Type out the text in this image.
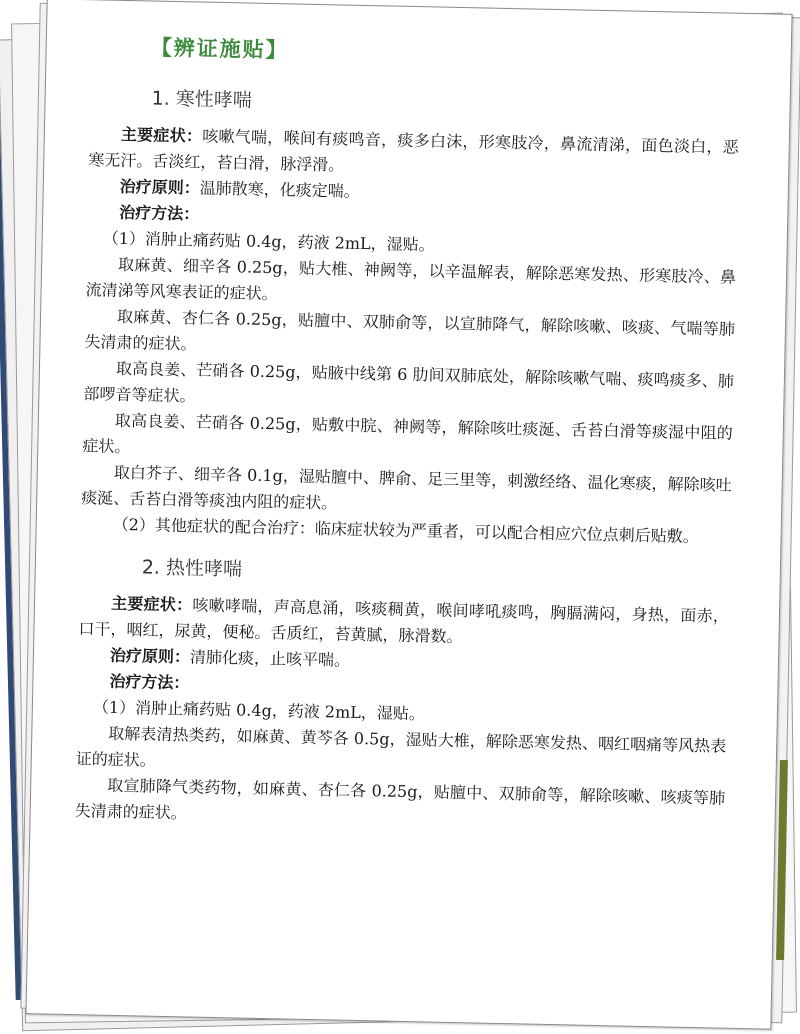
【辨证施贴】
1. 寒性哮喘

主要症状：咳嗽气喘，喉间有痰鸣音，痰多白沫，形寒肢冷，鼻流清涕，面色淡白，恶寒无汗。舌淡红，苔白滑，脉浮滑。

治疗原则：温肺散寒，化痰定喘。

治疗方法：

（1）消肿止痛药贴 0.4g，药液 2mL，湿贴。

取麻黄、细辛各 0.25g，贴大椎、神阙等，以辛温解表，解除恶寒发热、形寒肢冷、鼻流清涕等风寒表证的症状。

取麻黄、杏仁各 0.25g，贴膻中、双肺俞等，以宣肺降气，解除咳嗽、咳痰、气喘等肺失清肃的症状。

取高良姜、芒硝各 0.25g，贴腋中线第 6 肋间双肺底处，解除咳嗽气喘、痰鸣痰多、肺部啰音等症状。

取高良姜、芒硝各 0.25g，贴敷中脘、神阙等，解除咳吐痰涎、舌苔白滑等痰湿中阻的症状。

取白芥子、细辛各 0.1g，湿贴膻中、脾俞、足三里等，刺激经络、温化寒痰，解除咳吐痰涎、舌苔白滑等痰浊内阻的症状。

（2）其他症状的配合治疗：临床症状较为严重者，可以配合相应穴位点刺后贴敷。

2. 热性哮喘

主要症状：咳嗽哮喘，声高息涌，咳痰稠黄，喉间哮吼痰鸣，胸膈满闷，身热，面赤，口干，咽红，尿黄，便秘。舌质红，苔黄腻，脉滑数。

治疗原则：清肺化痰，止咳平喘。

治疗方法：

（1）消肿止痛药贴 0.4g，药液 2mL，湿贴。

取解表清热类药，如麻黄、黄芩各 0.5g，湿贴大椎，解除恶寒发热、咽红咽痛等风热表证的症状。

取宣肺降气类药物，如麻黄、杏仁各 0.25g，贴膻中、双肺俞等，解除咳嗽、咳痰等肺失清肃的症状。
